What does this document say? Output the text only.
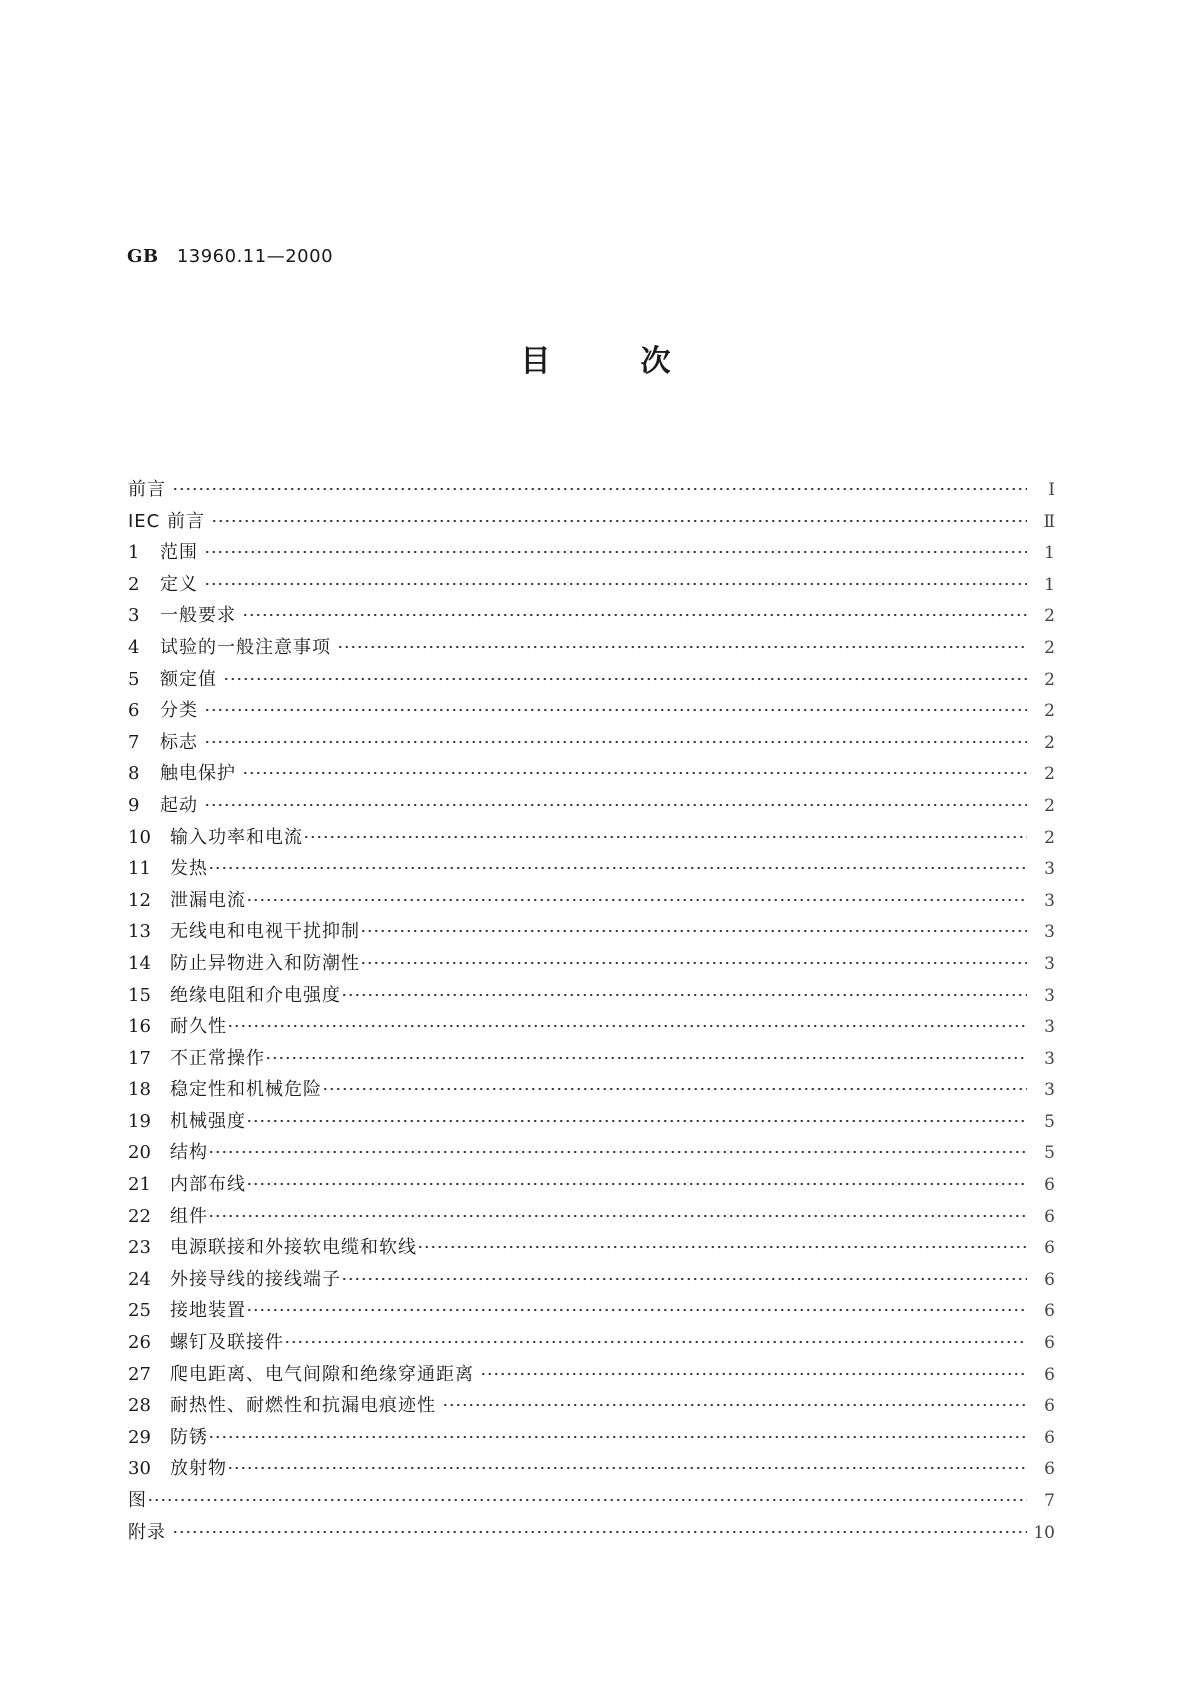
GB 13960.11—2000
目次
前言	Ⅰ
IEC 前言	Ⅱ
1	范围	1
2	定义	1
3	一般要求	2
4	试验的一般注意事项	2
5	额定值	2
6	分类	2
7	标志	2
8	触电保护	2
9	起动	2
10	输入功率和电流	2
11	发热	3
12	泄漏电流	3
13	无线电和电视干扰抑制	3
14	防止异物进入和防潮性	3
15	绝缘电阻和介电强度	3
16	耐久性	3
17	不正常操作	3
18	稳定性和机械危险	3
19	机械强度	5
20	结构	5
21	内部布线	6
22	组件	6
23	电源联接和外接软电缆和软线	6
24	外接导线的接线端子	6
25	接地装置	6
26	螺钉及联接件	6
27	爬电距离、电气间隙和绝缘穿通距离	6
28	耐热性、耐燃性和抗漏电痕迹性	6
29	防锈	6
30	放射物	6
图	7
附录	10
